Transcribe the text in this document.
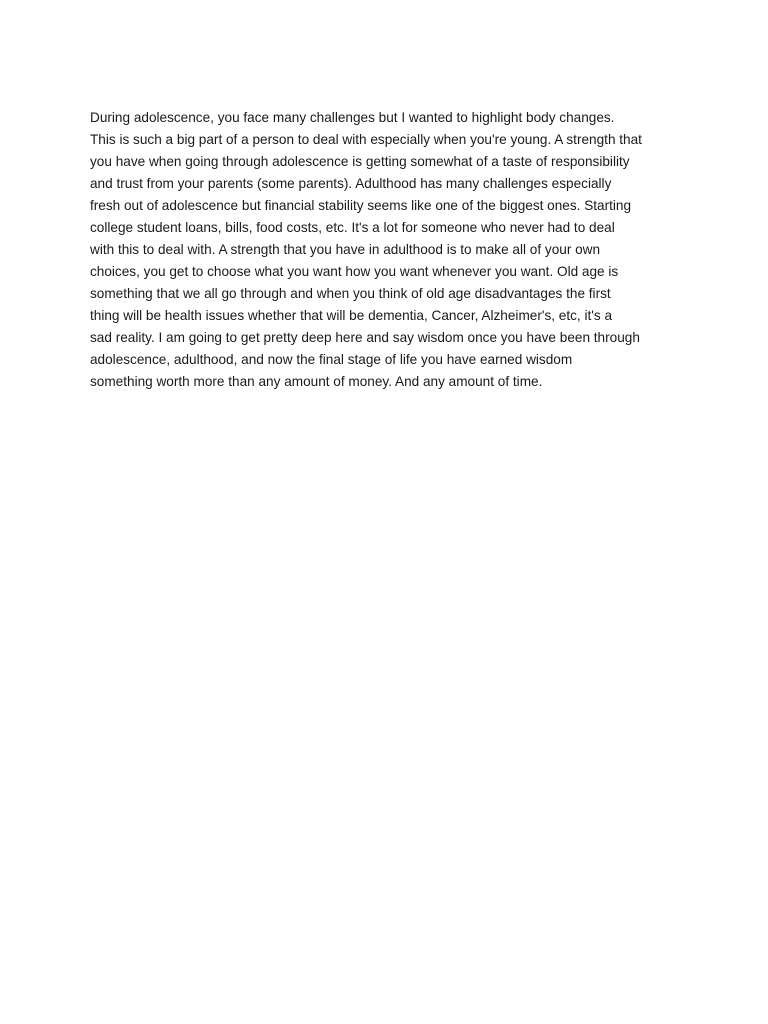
During adolescence, you face many challenges but I wanted to highlight body changes.
This is such a big part of a person to deal with especially when you're young. A strength that
you have when going through adolescence is getting somewhat of a taste of responsibility
and trust from your parents (some parents). Adulthood has many challenges especially
fresh out of adolescence but financial stability seems like one of the biggest ones. Starting
college student loans, bills, food costs, etc. It's a lot for someone who never had to deal
with this to deal with. A strength that you have in adulthood is to make all of your own
choices, you get to choose what you want how you want whenever you want. Old age is
something that we all go through and when you think of old age disadvantages the first
thing will be health issues whether that will be dementia, Cancer, Alzheimer's, etc, it's a
sad reality. I am going to get pretty deep here and say wisdom once you have been through
adolescence, adulthood, and now the final stage of life you have earned wisdom
something worth more than any amount of money. And any amount of time.
